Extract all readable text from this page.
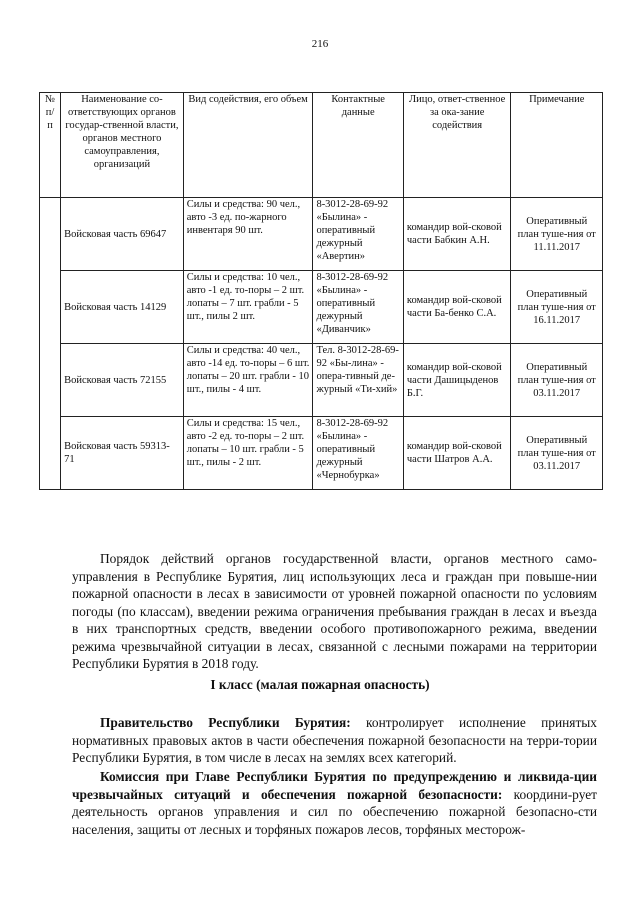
216
№ п/п	Наименование со-ответствующих органов государ-ственной власти, органов местного самоуправления, организаций	Вид содействия, его объем	Контактные данные	Лицо, ответ-ственное за ока-зание содействия	Примечание
	Войсковая часть 69647	Силы и средства: 90 чел., авто -3 ед. по-жарного инвентаря 90 шт.	8-3012-28-69-92 «Былина» - оперативный дежурный «Авертин»	командир вой-сковой части Бабкин А.Н.	Оперативный план туше-ния от 11.11.2017
	Войсковая часть 14129	Силы и средства: 10 чел., авто -1 ед. то-поры – 2 шт. лопаты – 7 шт. грабли - 5 шт., пилы 2 шт.	8-3012-28-69-92 «Былина» - оперативный дежурный «Диванчик»	командир вой-сковой части Ба-бенко С.А.	Оперативный план туше-ния от 16.11.2017
	Войсковая часть 72155	Силы и средства: 40 чел., авто -14 ед. то-поры – 6 шт. лопаты – 20 шт. грабли - 10 шт., пилы - 4 шт.	Тел. 8-3012-28-69-92 «Бы-лина» - опера-тивный де-журный «Ти-хий»	командир вой-сковой части Дашицыденов Б.Г.	Оперативный план туше-ния от 03.11.2017
	Войсковая часть 59313-71	Силы и средства: 15 чел., авто -2 ед. то-поры – 2 шт. лопаты – 10 шт. грабли - 5 шт., пилы - 2 шт.	8-3012-28-69-92 «Былина» - оперативный дежурный «Чернобурка»	командир вой-сковой части Шатров А.А.	Оперативный план туше-ния от 03.11.2017

Порядок действий органов государственной власти, органов местного само-управления в Республике Бурятия, лиц использующих леса и граждан при повыше-нии пожарной опасности в лесах в зависимости от уровней пожарной опасности по условиям погоды (по классам), введении режима ограничения пребывания граждан в лесах и въезда в них транспортных средств, введении особого противопожарного режима, введении режима чрезвычайной ситуации в лесах, связанной с лесными пожарами на территории Республики Бурятия в 2018 году.

I класс (малая пожарная опасность)

Правительство Республики Бурятия: контролирует исполнение принятых нормативных правовых актов в части обеспечения пожарной безопасности на терри-тории Республики Бурятия, в том числе в лесах на землях всех категорий.

Комиссия при Главе Республики Бурятия по предупреждению и ликвида-ции чрезвычайных ситуаций и обеспечения пожарной безопасности: координи-рует деятельность органов управления и сил по обеспечению пожарной безопасно-сти населения, защиты от лесных и торфяных пожаров лесов, торфяных месторож-
